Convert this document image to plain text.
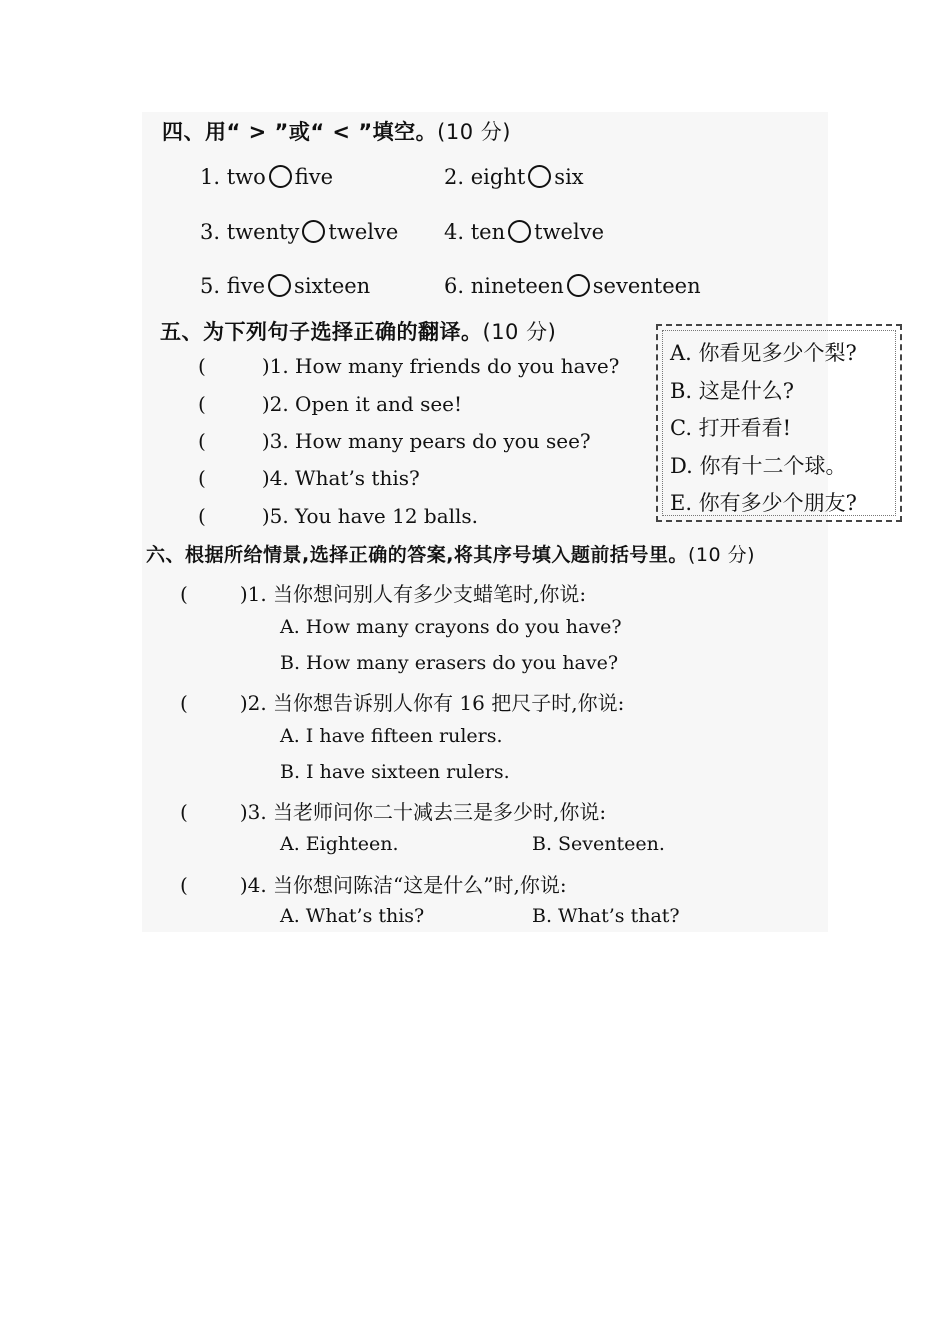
四、用“ > ”或“ < ”填空。(10 分)
1. two five	2. eight six
3. twenty twelve 4. ten twelve
5. five sixteen	6. nineteen seventeen
五、为下列句子选择正确的翻译。(10 分)
(	)1. How many friends do you have?
(	)2. Open it and see!
(	)3. How many pears do you see?
(	)4. What’s this?
(	)5. You have 12 balls.
A. 你看见多少个梨?
B. 这是什么?
C. 打开看看!
D. 你有十二个球。
E. 你有多少个朋友?
六、根据所给情景,选择正确的答案,将其序号填入题前括号里。(10 分)
(	)1. 当你想问别人有多少支蜡笔时,你说:
A. How many crayons do you have?
B. How many erasers do you have?
(	)2. 当你想告诉别人你有 16 把尺子时,你说:
A. I have fifteen rulers.
B. I have sixteen rulers.
(	)3. 当老师问你二十减去三是多少时,你说:
A. Eighteen.	B. Seventeen.
(	)4. 当你想问陈洁“这是什么”时,你说:
A. What’s this?	B. What’s that?
